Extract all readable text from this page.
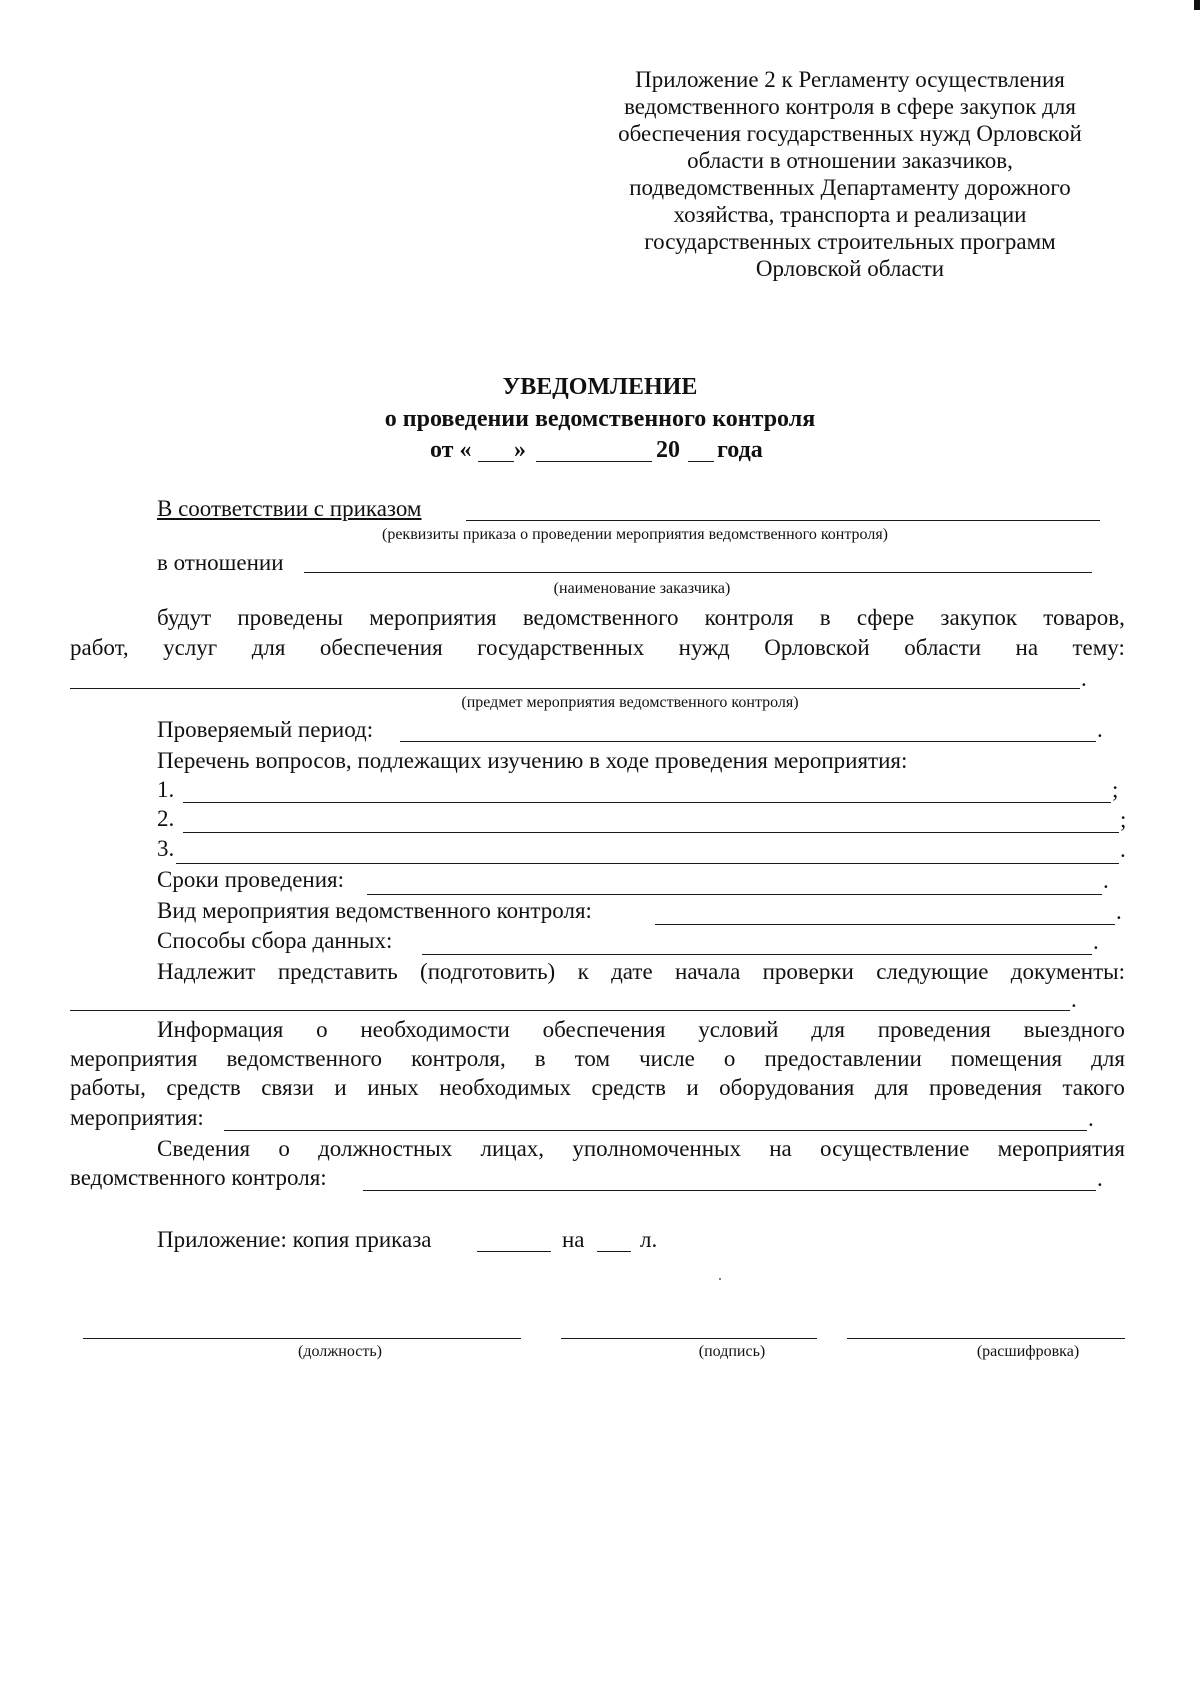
Приложение 2 к Регламенту осуществления
ведомственного контроля в сфере закупок для
обеспечения государственных нужд Орловской
области в отношении заказчиков,
подведомственных Департаменту дорожного
хозяйства, транспорта и реализации
государственных строительных программ
Орловской области
УВЕДОМЛЕНИЕ
о проведении ведомственного контроля
от « »	20 года
В соответствии с приказом
(реквизиты приказа о проведении мероприятия ведомственного контроля)
в отношении
(наименование заказчика)
будут проведены мероприятия ведомственного контроля в сфере закупок товаров,
работ, услуг для обеспечения государственных нужд Орловской области на тему:
.
(предмет мероприятия ведомственного контроля)
Проверяемый период:	.
Перечень вопросов, подлежащих изучению в ходе проведения мероприятия:
1.	;
2.	;
3.	.
Сроки проведения:	.
Вид мероприятия ведомственного контроля:	.
Способы сбора данных:	.
Надлежит представить (подготовить) к дате начала проверки следующие документы:
.
Информация о необходимости обеспечения условий для проведения выездного
мероприятия ведомственного контроля, в том числе о предоставлении помещения для
работы, средств связи и иных необходимых средств и оборудования для проведения такого
мероприятия:	.
Сведения о должностных лицах, уполномоченных на осуществление мероприятия
ведомственного контроля:	.
Приложение: копия приказа	на л.
(должность)	(подпись)	(расшифровка)
